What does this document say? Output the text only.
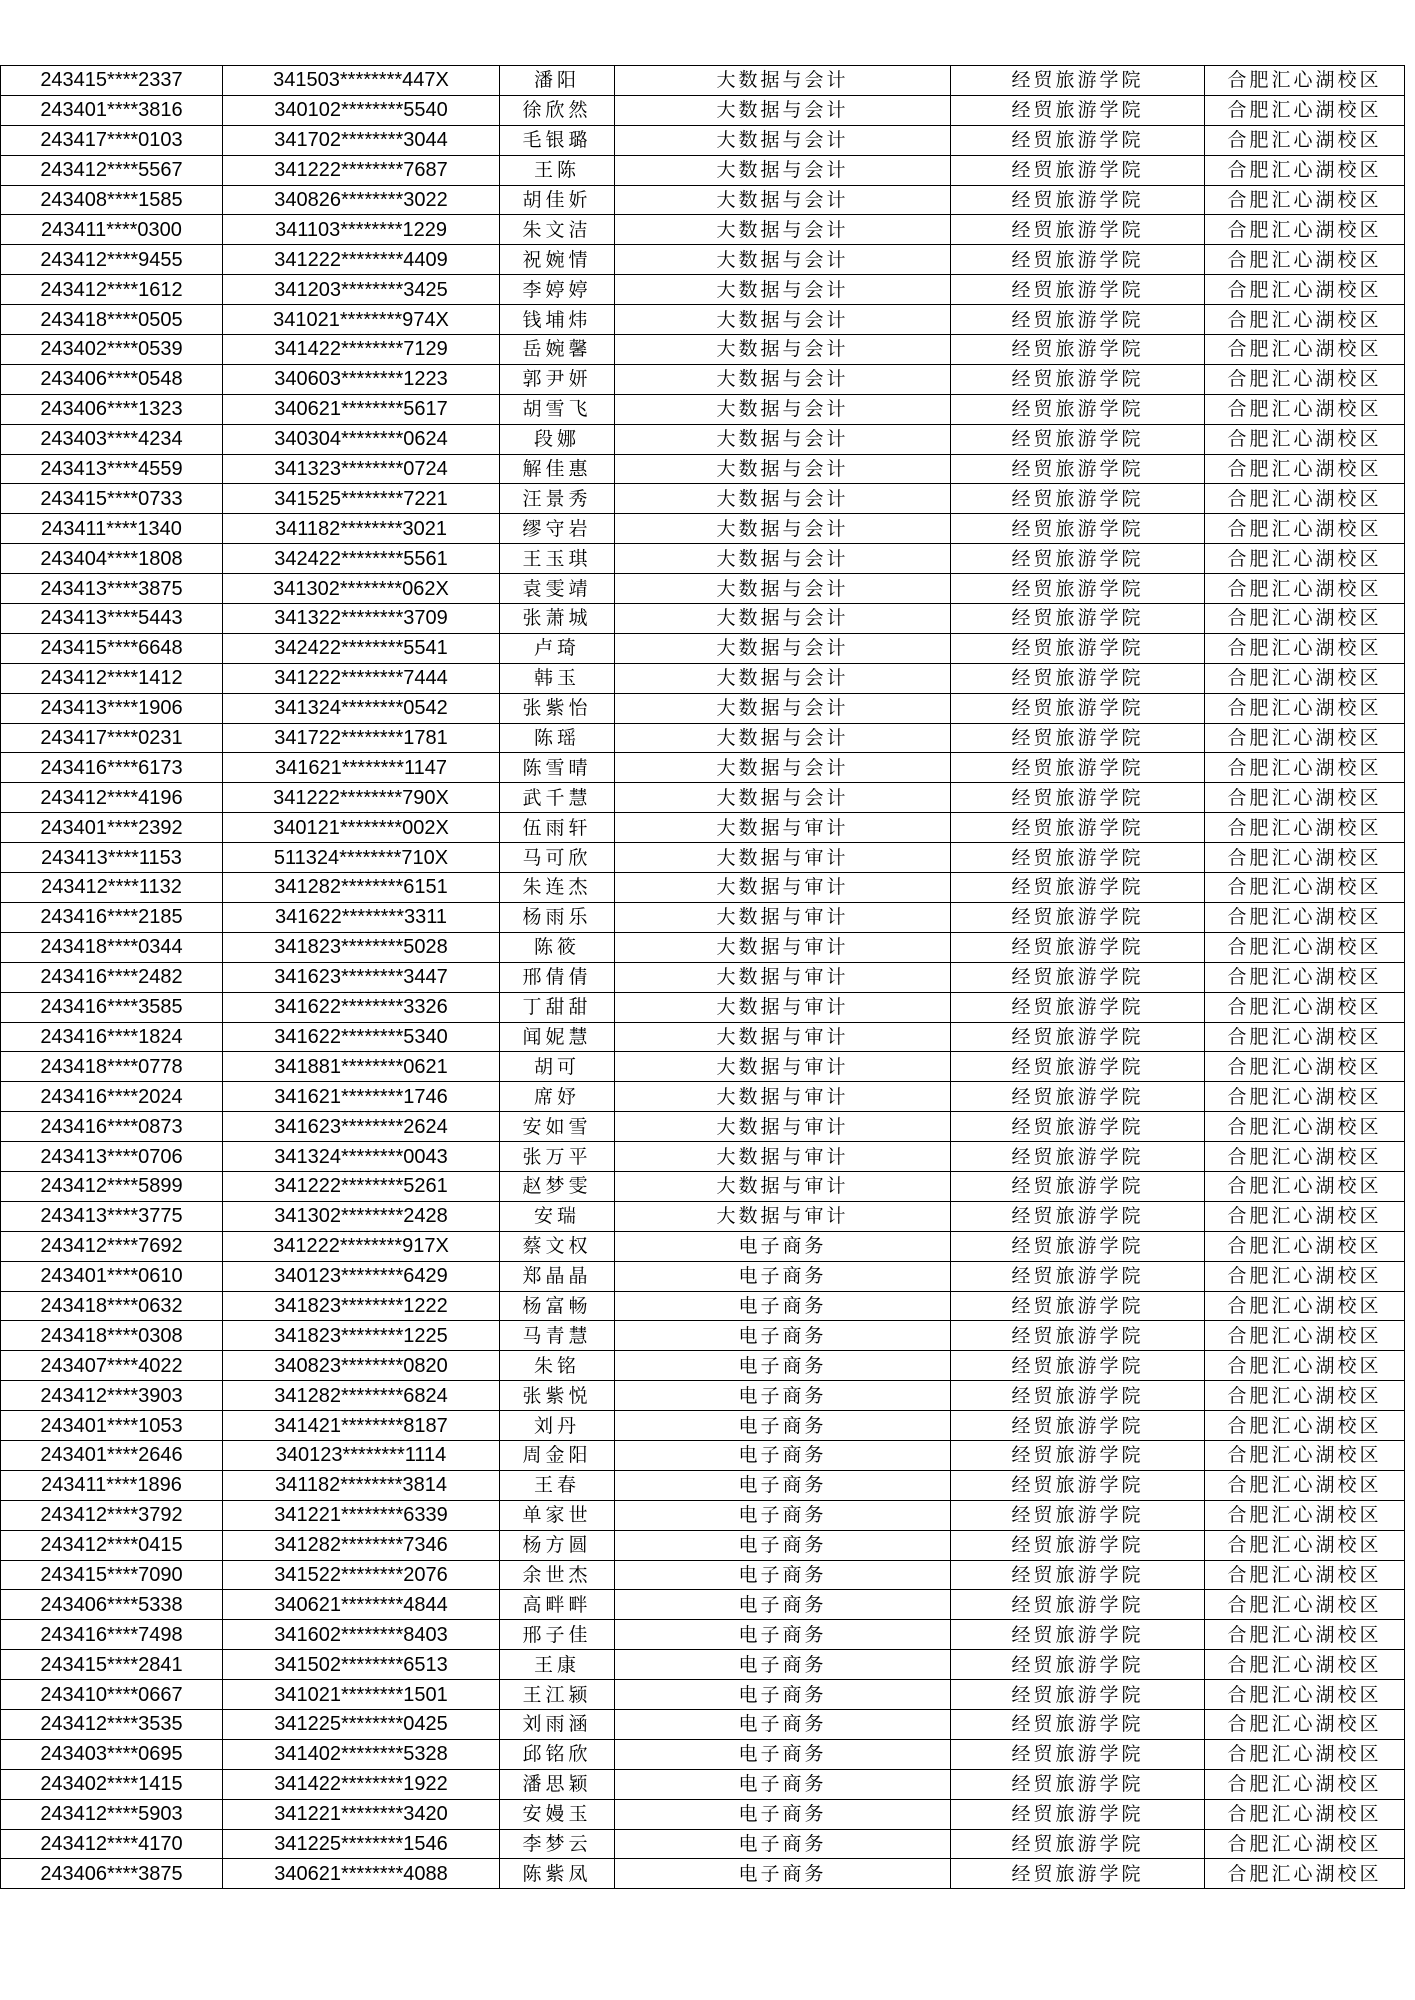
243415****2337	341503********447X	潘阳	大数据与会计	经贸旅游学院	合肥汇心湖校区
243401****3816	340102********5540	徐欣然	大数据与会计	经贸旅游学院	合肥汇心湖校区
243417****0103	341702********3044	毛银璐	大数据与会计	经贸旅游学院	合肥汇心湖校区
243412****5567	341222********7687	王陈	大数据与会计	经贸旅游学院	合肥汇心湖校区
243408****1585	340826********3022	胡佳妡	大数据与会计	经贸旅游学院	合肥汇心湖校区
243411****0300	341103********1229	朱文洁	大数据与会计	经贸旅游学院	合肥汇心湖校区
243412****9455	341222********4409	祝婉情	大数据与会计	经贸旅游学院	合肥汇心湖校区
243412****1612	341203********3425	李婷婷	大数据与会计	经贸旅游学院	合肥汇心湖校区
243418****0505	341021********974X	钱埔炜	大数据与会计	经贸旅游学院	合肥汇心湖校区
243402****0539	341422********7129	岳婉馨	大数据与会计	经贸旅游学院	合肥汇心湖校区
243406****0548	340603********1223	郭尹妍	大数据与会计	经贸旅游学院	合肥汇心湖校区
243406****1323	340621********5617	胡雪飞	大数据与会计	经贸旅游学院	合肥汇心湖校区
243403****4234	340304********0624	段娜	大数据与会计	经贸旅游学院	合肥汇心湖校区
243413****4559	341323********0724	解佳惠	大数据与会计	经贸旅游学院	合肥汇心湖校区
243415****0733	341525********7221	汪景秀	大数据与会计	经贸旅游学院	合肥汇心湖校区
243411****1340	341182********3021	缪守岩	大数据与会计	经贸旅游学院	合肥汇心湖校区
243404****1808	342422********5561	王玉琪	大数据与会计	经贸旅游学院	合肥汇心湖校区
243413****3875	341302********062X	袁雯靖	大数据与会计	经贸旅游学院	合肥汇心湖校区
243413****5443	341322********3709	张萧城	大数据与会计	经贸旅游学院	合肥汇心湖校区
243415****6648	342422********5541	卢琦	大数据与会计	经贸旅游学院	合肥汇心湖校区
243412****1412	341222********7444	韩玉	大数据与会计	经贸旅游学院	合肥汇心湖校区
243413****1906	341324********0542	张紫怡	大数据与会计	经贸旅游学院	合肥汇心湖校区
243417****0231	341722********1781	陈瑶	大数据与会计	经贸旅游学院	合肥汇心湖校区
243416****6173	341621********1147	陈雪晴	大数据与会计	经贸旅游学院	合肥汇心湖校区
243412****4196	341222********790X	武千慧	大数据与会计	经贸旅游学院	合肥汇心湖校区
243401****2392	340121********002X	伍雨轩	大数据与审计	经贸旅游学院	合肥汇心湖校区
243413****1153	511324********710X	马可欣	大数据与审计	经贸旅游学院	合肥汇心湖校区
243412****1132	341282********6151	朱连杰	大数据与审计	经贸旅游学院	合肥汇心湖校区
243416****2185	341622********3311	杨雨乐	大数据与审计	经贸旅游学院	合肥汇心湖校区
243418****0344	341823********5028	陈筱	大数据与审计	经贸旅游学院	合肥汇心湖校区
243416****2482	341623********3447	邢倩倩	大数据与审计	经贸旅游学院	合肥汇心湖校区
243416****3585	341622********3326	丁甜甜	大数据与审计	经贸旅游学院	合肥汇心湖校区
243416****1824	341622********5340	闻妮慧	大数据与审计	经贸旅游学院	合肥汇心湖校区
243418****0778	341881********0621	胡可	大数据与审计	经贸旅游学院	合肥汇心湖校区
243416****2024	341621********1746	席妤	大数据与审计	经贸旅游学院	合肥汇心湖校区
243416****0873	341623********2624	安如雪	大数据与审计	经贸旅游学院	合肥汇心湖校区
243413****0706	341324********0043	张万平	大数据与审计	经贸旅游学院	合肥汇心湖校区
243412****5899	341222********5261	赵梦雯	大数据与审计	经贸旅游学院	合肥汇心湖校区
243413****3775	341302********2428	安瑞	大数据与审计	经贸旅游学院	合肥汇心湖校区
243412****7692	341222********917X	蔡文权	电子商务	经贸旅游学院	合肥汇心湖校区
243401****0610	340123********6429	郑晶晶	电子商务	经贸旅游学院	合肥汇心湖校区
243418****0632	341823********1222	杨富畅	电子商务	经贸旅游学院	合肥汇心湖校区
243418****0308	341823********1225	马青慧	电子商务	经贸旅游学院	合肥汇心湖校区
243407****4022	340823********0820	朱铭	电子商务	经贸旅游学院	合肥汇心湖校区
243412****3903	341282********6824	张紫悦	电子商务	经贸旅游学院	合肥汇心湖校区
243401****1053	341421********8187	刘丹	电子商务	经贸旅游学院	合肥汇心湖校区
243401****2646	340123********1114	周金阳	电子商务	经贸旅游学院	合肥汇心湖校区
243411****1896	341182********3814	王春	电子商务	经贸旅游学院	合肥汇心湖校区
243412****3792	341221********6339	单家世	电子商务	经贸旅游学院	合肥汇心湖校区
243412****0415	341282********7346	杨方圆	电子商务	经贸旅游学院	合肥汇心湖校区
243415****7090	341522********2076	余世杰	电子商务	经贸旅游学院	合肥汇心湖校区
243406****5338	340621********4844	高畔畔	电子商务	经贸旅游学院	合肥汇心湖校区
243416****7498	341602********8403	邢子佳	电子商务	经贸旅游学院	合肥汇心湖校区
243415****2841	341502********6513	王康	电子商务	经贸旅游学院	合肥汇心湖校区
243410****0667	341021********1501	王江颍	电子商务	经贸旅游学院	合肥汇心湖校区
243412****3535	341225********0425	刘雨涵	电子商务	经贸旅游学院	合肥汇心湖校区
243403****0695	341402********5328	邱铭欣	电子商务	经贸旅游学院	合肥汇心湖校区
243402****1415	341422********1922	潘思颖	电子商务	经贸旅游学院	合肥汇心湖校区
243412****5903	341221********3420	安嫚玉	电子商务	经贸旅游学院	合肥汇心湖校区
243412****4170	341225********1546	李梦云	电子商务	经贸旅游学院	合肥汇心湖校区
243406****3875	340621********4088	陈紫凤	电子商务	经贸旅游学院	合肥汇心湖校区
